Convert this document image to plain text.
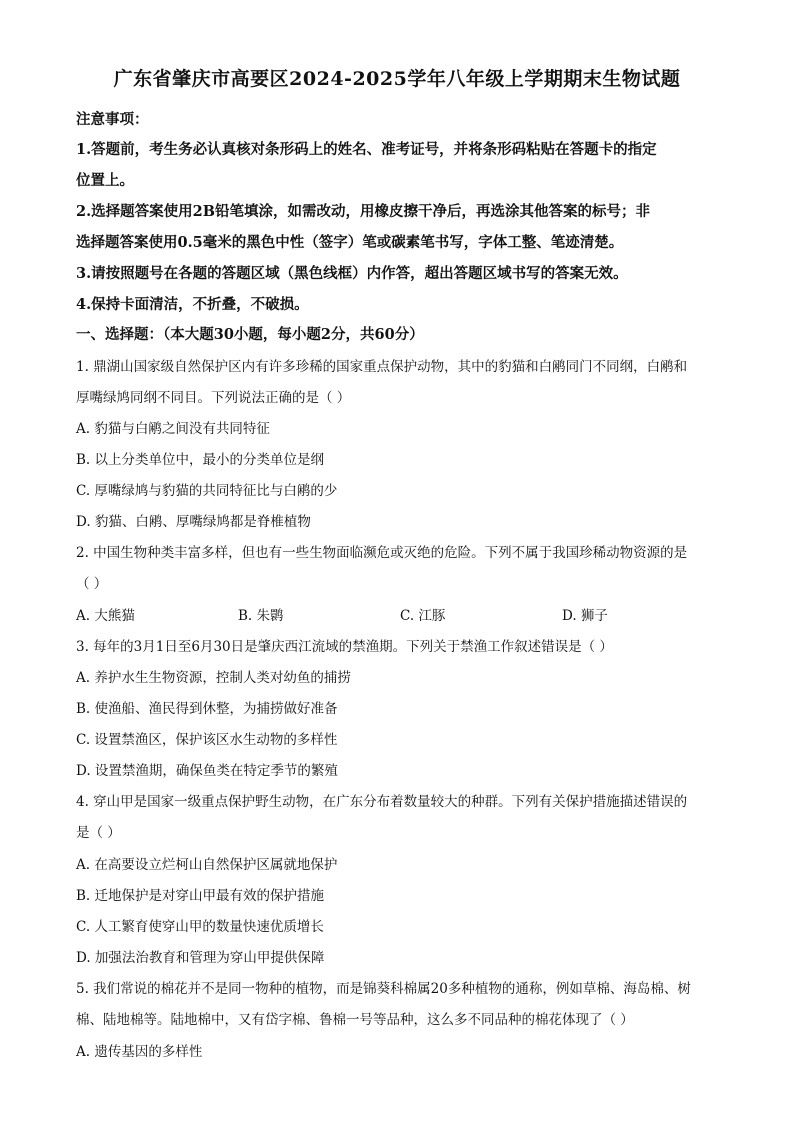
广东省肇庆市高要区2024-2025学年八年级上学期期末生物试题
注意事项：
1.答题前，考生务必认真核对条形码上的姓名、准考证号，并将条形码粘贴在答题卡的指定
位置上。
2.选择题答案使用2B铅笔填涂，如需改动，用橡皮擦干净后，再选涂其他答案的标号；非
选择题答案使用0.5毫米的黑色中性（签字）笔或碳素笔书写，字体工整、笔迹清楚。
3.请按照题号在各题的答题区域（黑色线框）内作答，超出答题区域书写的答案无效。
4.保持卡面清洁，不折叠，不破损。
一、选择题：（本大题30小题，每小题2分，共60分）
1. 鼎湖山国家级自然保护区内有许多珍稀的国家重点保护动物，其中的豹猫和白鹇同门不同纲，白鹇和
厚嘴绿鸠同纲不同目。下列说法正确的是（ ）
A. 豹猫与白鹇之间没有共同特征
B. 以上分类单位中，最小的分类单位是纲
C. 厚嘴绿鸠与豹猫的共同特征比与白鹇的少
D. 豹猫、白鹇、厚嘴绿鸠都是脊椎植物
2. 中国生物种类丰富多样，但也有一些生物面临濒危或灭绝的危险。下列不属于我国珍稀动物资源的是
（ ）
A. 大熊猫	B. 朱鹮	C. 江豚	D. 狮子
3. 每年的3月1日至6月30日是肇庆西江流域的禁渔期。下列关于禁渔工作叙述错误是（ ）
A. 养护水生生物资源，控制人类对幼鱼的捕捞
B. 使渔船、渔民得到休整，为捕捞做好准备
C. 设置禁渔区，保护该区水生动物的多样性
D. 设置禁渔期，确保鱼类在特定季节的繁殖
4. 穿山甲是国家一级重点保护野生动物，在广东分布着数量较大的种群。下列有关保护措施描述错误的
是（ ）
A. 在高要设立烂柯山自然保护区属就地保护
B. 迁地保护是对穿山甲最有效的保护措施
C. 人工繁育使穿山甲的数量快速优质增长
D. 加强法治教育和管理为穿山甲提供保障
5. 我们常说的棉花并不是同一物种的植物，而是锦葵科棉属20多种植物的通称，例如草棉、海岛棉、树
棉、陆地棉等。陆地棉中，又有岱字棉、鲁棉一号等品种，这么多不同品种的棉花体现了（ ）
A. 遗传基因的多样性
